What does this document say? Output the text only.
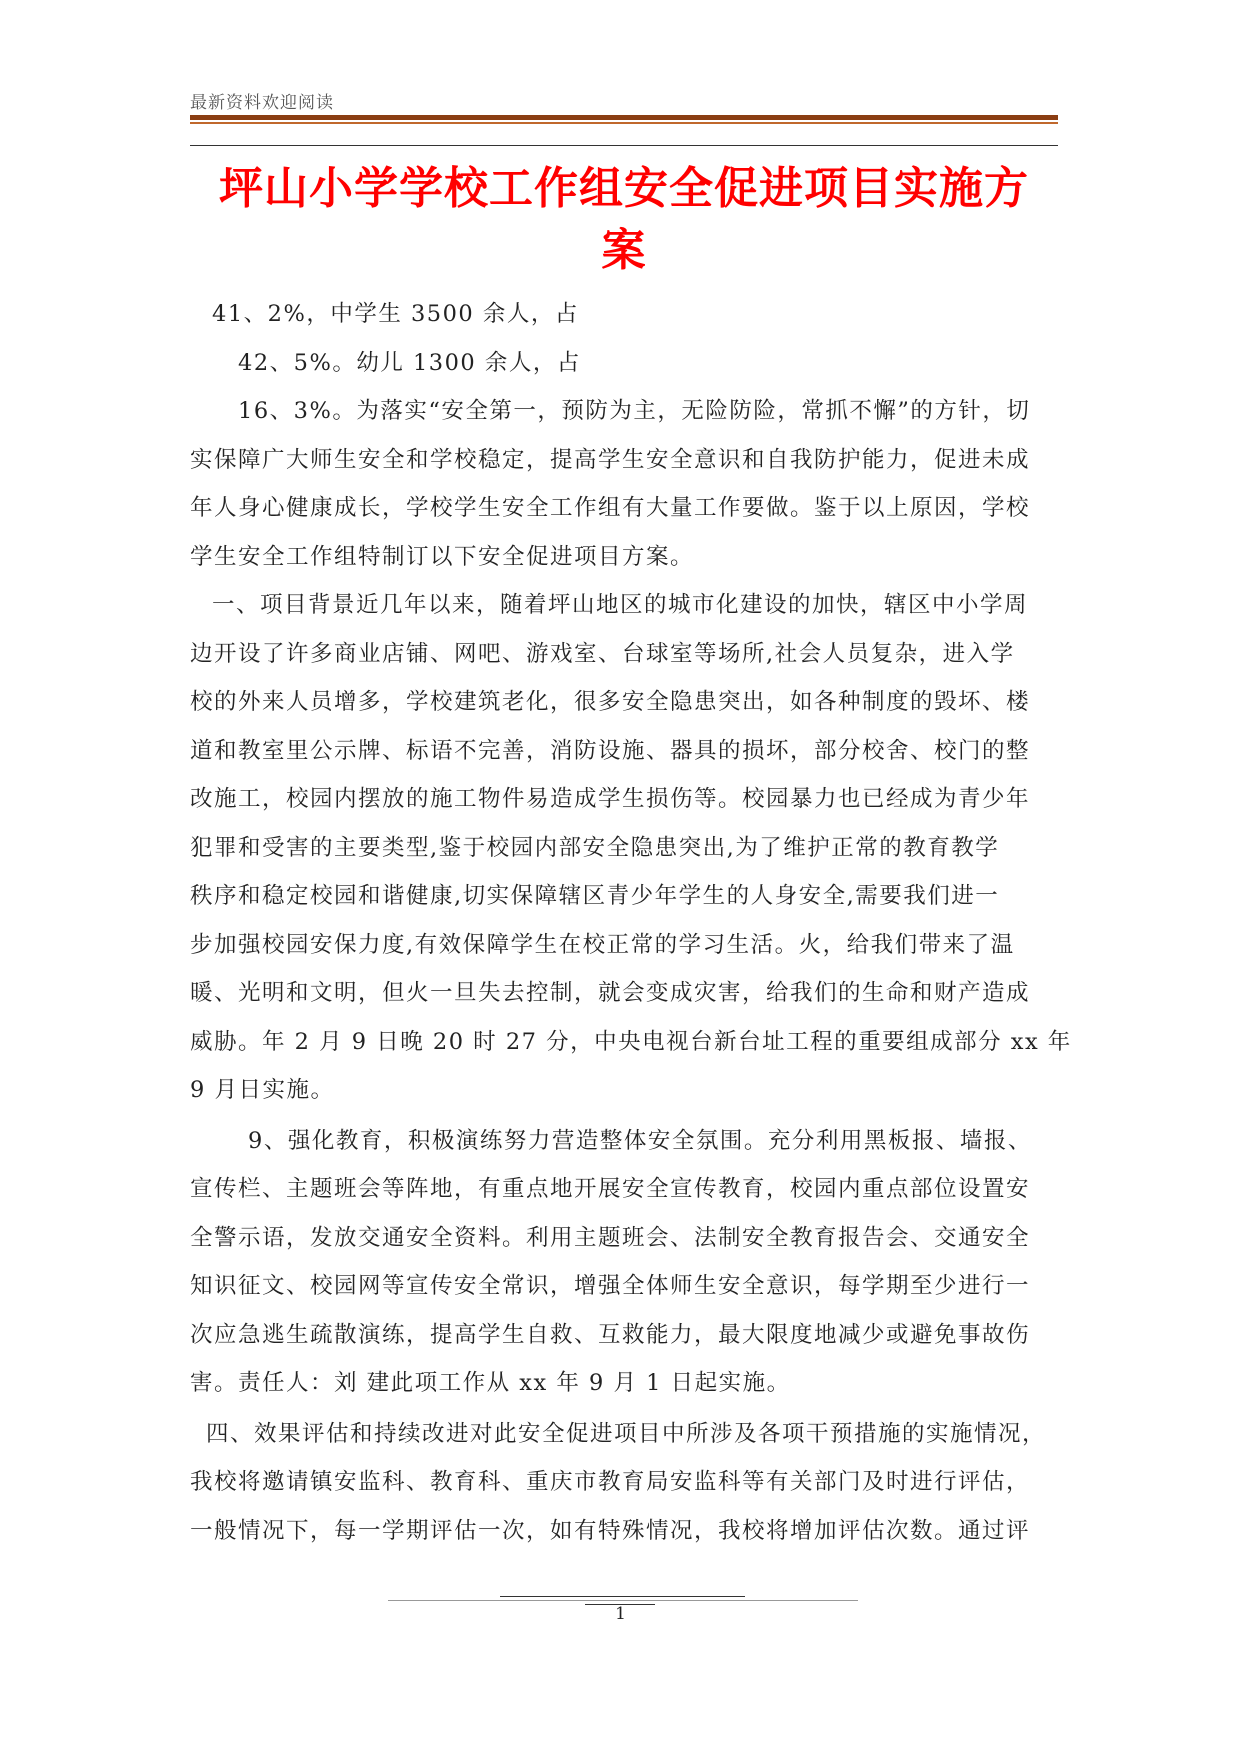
最新资料欢迎阅读
坪山小学学校工作组安全促进项目实施方
案
41、2%，中学生 3500 余人，占
42、5%。幼儿 1300 余人，占
16、3%。为落实“安全第一，预防为主，无险防险，常抓不懈”的方针，切
实保障广大师生安全和学校稳定，提高学生安全意识和自我防护能力，促进未成
年人身心健康成长，学校学生安全工作组有大量工作要做。鉴于以上原因，学校
学生安全工作组特制订以下安全促进项目方案。
一、项目背景近几年以来，随着坪山地区的城市化建设的加快，辖区中小学周
边开设了许多商业店铺、网吧、游戏室、台球室等场所,社会人员复杂，进入学
校的外来人员增多，学校建筑老化，很多安全隐患突出，如各种制度的毁坏、楼
道和教室里公示牌、标语不完善，消防设施、器具的损坏，部分校舍、校门的整
改施工，校园内摆放的施工物件易造成学生损伤等。校园暴力也已经成为青少年
犯罪和受害的主要类型,鉴于校园内部安全隐患突出,为了维护正常的教育教学
秩序和稳定校园和谐健康,切实保障辖区青少年学生的人身安全,需要我们进一
步加强校园安保力度,有效保障学生在校正常的学习生活。火，给我们带来了温
暖、光明和文明，但火一旦失去控制，就会变成灾害，给我们的生命和财产造成
威胁。年 2 月 9 日晚 20 时 27 分，中央电视台新台址工程的重要组成部分 xx 年
9 月日实施。
9、强化教育，积极演练努力营造整体安全氛围。充分利用黑板报、墙报、
宣传栏、主题班会等阵地，有重点地开展安全宣传教育，校园内重点部位设置安
全警示语，发放交通安全资料。利用主题班会、法制安全教育报告会、交通安全
知识征文、校园网等宣传安全常识，增强全体师生安全意识，每学期至少进行一
次应急逃生疏散演练，提高学生自救、互救能力，最大限度地减少或避免事故伤
害。责任人：刘 建此项工作从 xx 年 9 月 1 日起实施。
四、效果评估和持续改进对此安全促进项目中所涉及各项干预措施的实施情况，
我校将邀请镇安监科、教育科、重庆市教育局安监科等有关部门及时进行评估，
一般情况下，每一学期评估一次，如有特殊情况，我校将增加评估次数。通过评
1
